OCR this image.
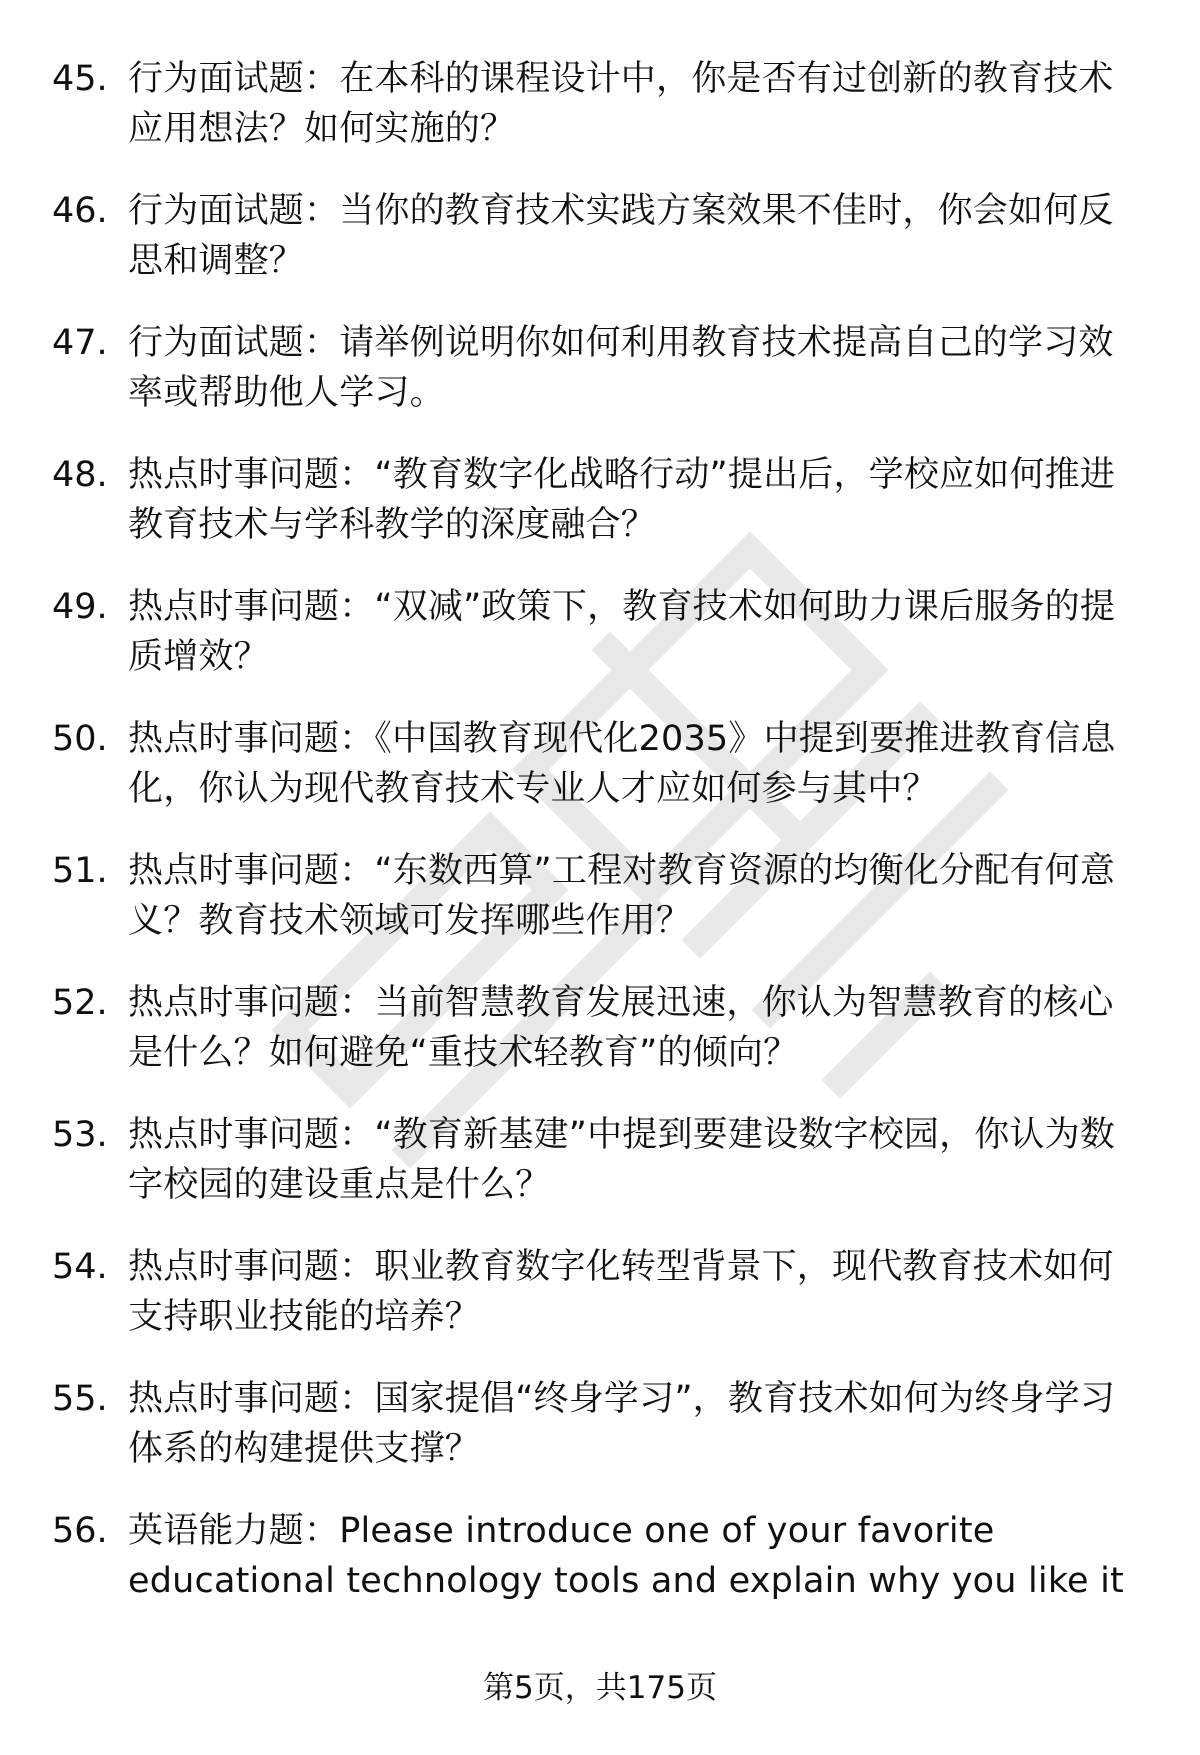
45. 行为面试题：在本科的课程设计中，你是否有过创新的教育技术应用想法？如何实施的？
46. 行为面试题：当你的教育技术实践方案效果不佳时，你会如何反思和调整？
47. 行为面试题：请举例说明你如何利用教育技术提高自己的学习效率或帮助他人学习。
48. 热点时事问题：“教育数字化战略行动”提出后，学校应如何推进教育技术与学科教学的深度融合？
49. 热点时事问题：“双减”政策下，教育技术如何助力课后服务的提质增效？
50. 热点时事问题：《中国教育现代化2035》中提到要推进教育信息化，你认为现代教育技术专业人才应如何参与其中？
51. 热点时事问题：“东数西算”工程对教育资源的均衡化分配有何意义？教育技术领域可发挥哪些作用？
52. 热点时事问题：当前智慧教育发展迅速，你认为智慧教育的核心是什么？如何避免“重技术轻教育”的倾向？
53. 热点时事问题：“教育新基建”中提到要建设数字校园，你认为数字校园的建设重点是什么？
54. 热点时事问题：职业教育数字化转型背景下，现代教育技术如何支持职业技能的培养？
55. 热点时事问题：国家提倡“终身学习”，教育技术如何为终身学习体系的构建提供支撑？
56. 英语能力题：Please introduce one of your favorite educational technology tools and explain why you like it
第5页，共175页
